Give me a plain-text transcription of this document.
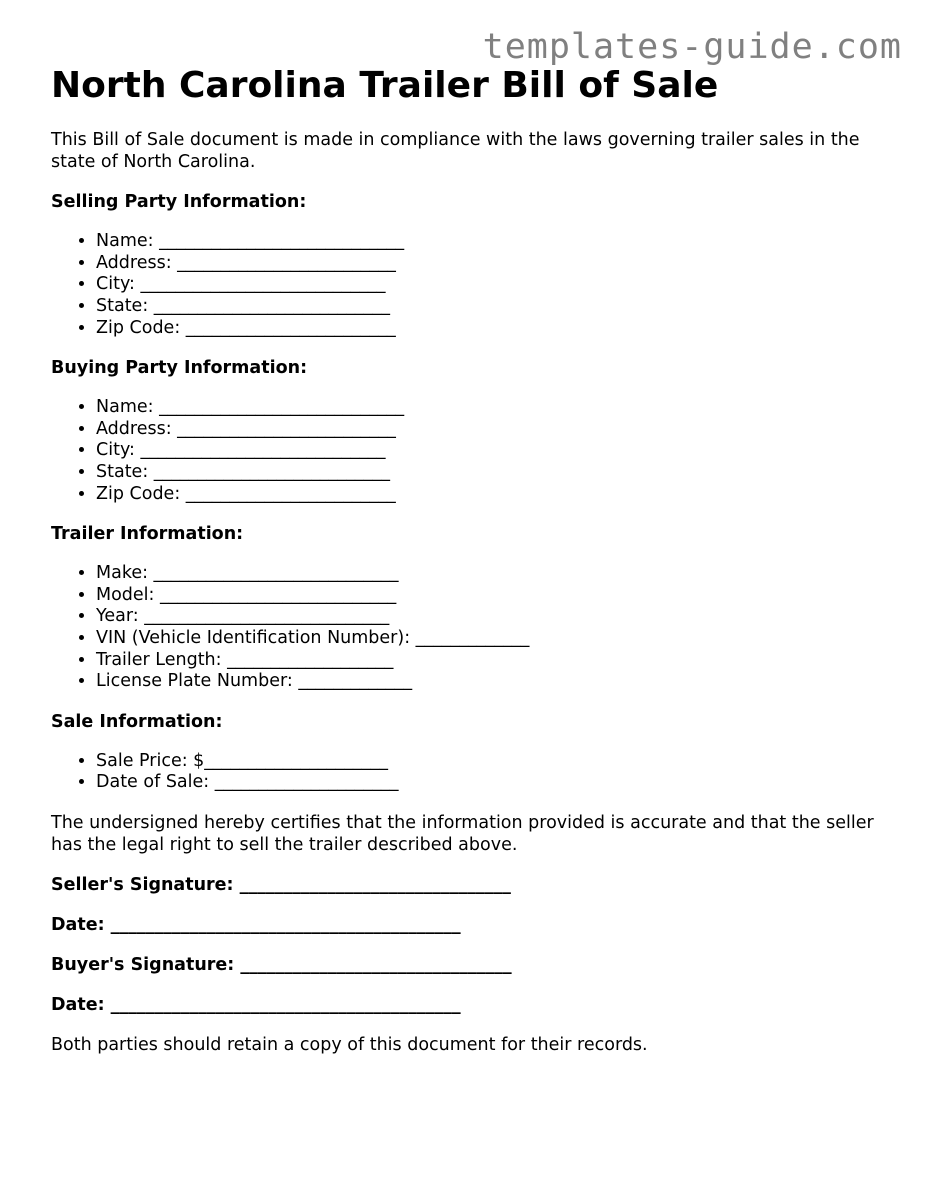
templates-guide.com
North Carolina Trailer Bill of Sale

This Bill of Sale document is made in compliance with the laws governing trailer sales in the state of North Carolina.

Selling Party Information:
• Name: ____________________________
• Address: _________________________
• City: ____________________________
• State: ___________________________
• Zip Code: ________________________
Buying Party Information:
• Name: ____________________________
• Address: _________________________
• City: ____________________________
• State: ___________________________
• Zip Code: ________________________
Trailer Information:
• Make: ____________________________
• Model: ___________________________
• Year: ____________________________
• VIN (Vehicle Identification Number): _____________
• Trailer Length: ___________________
• License Plate Number: _____________
Sale Information:
• Sale Price: $_____________________
• Date of Sale: _____________________

The undersigned hereby certifies that the information provided is accurate and that the seller has the legal right to sell the trailer described above.

Seller's Signature: _______________________________
Date: ________________________________________
Buyer's Signature: _______________________________
Date: ________________________________________

Both parties should retain a copy of this document for their records.
